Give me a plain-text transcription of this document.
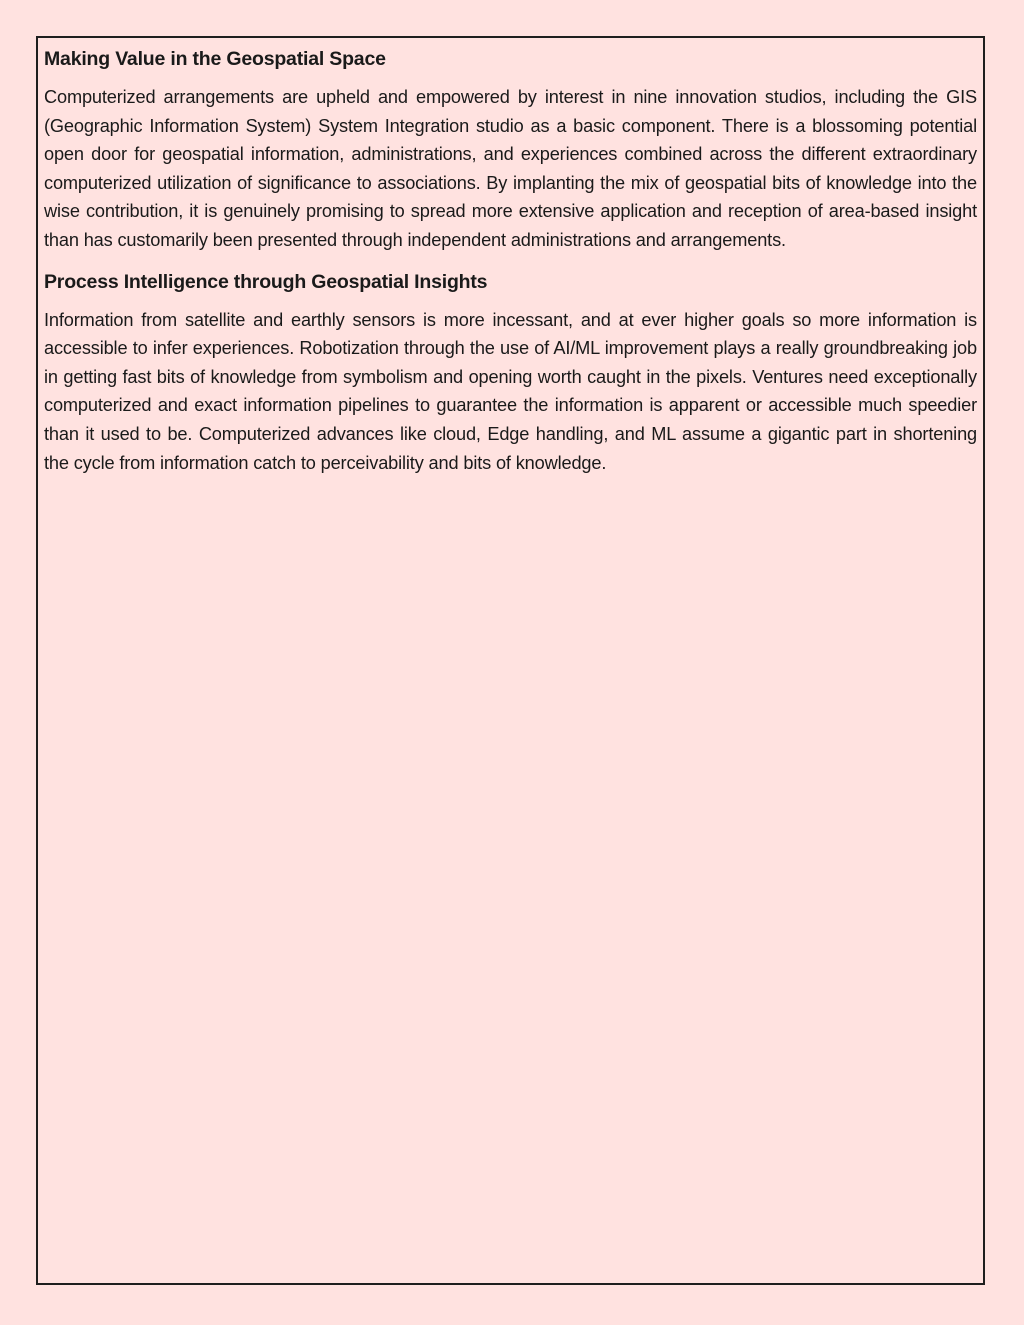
Making Value in the Geospatial Space

Computerized arrangements are upheld and empowered by interest in nine innovation studios, including the GIS (Geographic Information System) System Integration studio as a basic component. There is a blossoming potential open door for geospatial information, administrations, and experiences combined across the different extraordinary computerized utilization of significance to associations. By implanting the mix of geospatial bits of knowledge into the wise contribution, it is genuinely promising to spread more extensive application and reception of area-based insight than has customarily been presented through independent administrations and arrangements.

Process Intelligence through Geospatial Insights

Information from satellite and earthly sensors is more incessant, and at ever higher goals so more information is accessible to infer experiences. Robotization through the use of AI/ML improvement plays a really groundbreaking job in getting fast bits of knowledge from symbolism and opening worth caught in the pixels. Ventures need exceptionally computerized and exact information pipelines to guarantee the information is apparent or accessible much speedier than it used to be. Computerized advances like cloud, Edge handling, and ML assume a gigantic part in shortening the cycle from information catch to perceivability and bits of knowledge.
